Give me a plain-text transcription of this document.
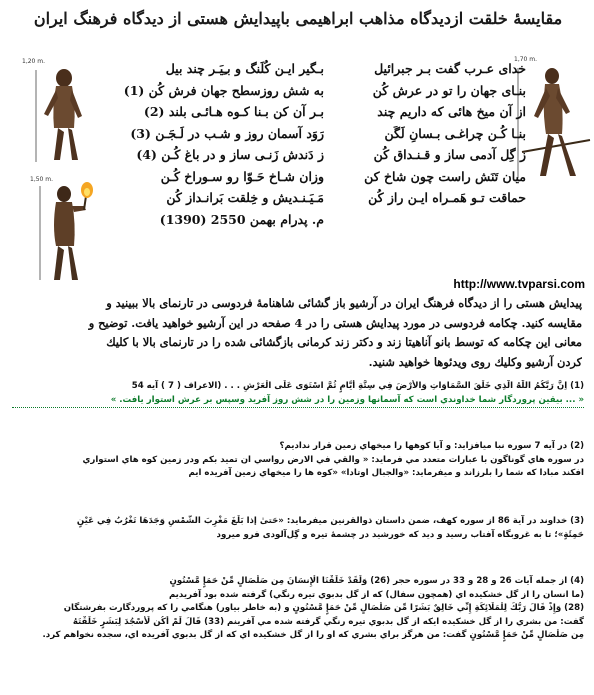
مقايسهٔ خلقت ازديدگاه مذاهب ابراهيمى باپيدايش هستى از ديدگاه فرهنگ ايران
1,20 m.
1,50 m.
1,70 m.
خداى عـرب گفت بـر جبرائيل
بنـاى جهان را تو در عرش كُن
از آن ميخ هائى كه داريم چند
بنـا كُـن چراغـى بـسانِ لَگَن
ز گِل آدمى ساز و قـنـداق كُن
ميان تَنَش راست چون شاخ كن
حماقت تـو هَمـراه ايـن راز كُن
بـگير ايـن كُلَنگ و بـِيَـر چند بيل
به شش روزسطح جهان فرش كُن (1)
بـر آن كن بـنا كـوه هـائـى بلند (2)
رَوَد آسمان روز و شـب در لَـجَـن (3)
ز دَندش زَنـى ساز و در باغ كُـن (4)
وزان شـاخ حَـوّا رو سـوراخ كُـن
مَـيَـنـديش و خِلقت بَرانـداز كُن
م. پدرام بهمن 2550 (1390)
http://www.tvparsi.com
پيدايش هستى را از ديدگاه فرهنگ ايران در آرشيو باز گشائى شاهنامهٔ فردوسى در تارنماى بالا ببينيد و
مقايسه كنيد. چكامه فردوسى در مورد پيدايش هستى را در 4 صفحه در اين آرشيو خواهيد يافت. توضيح و
معانى اين چكامه كه توسط بانو آناهيتا زند و دكتر زند كرمانى بازگشائى شده را در تارنماى بالا با كليك
كردن آرشيو وكليك روى ويدئوها خواهيد شنيد.
(1) اِنَّ رَبَّكُمُ اللّهُ الَّذِي خَلَقَ السَّمَاوَاتِ وَالأَرْضَ فِي سِتَّةِ أَيَّامٍ ثُمَّ اسْتَوَى عَلَى الْعَرْشِ . . . (الاعراف ( 7 ) آيه 54
« ... بيقين پروردگار شما خداوندي است كه آسمانها وزمين را در شش روز آفريد وسپس بر عرش استوار يافت. »
(2) در آيه 7 سوره نبا ميافزايد: و آيا كوهها را ميخهاي زمين قرار ندادیم؟
در سوره هاي گوناگون با عبارات متعدد مي فرمايد: « والقي في الارض رواسي ان تميد بكم ودر زمين كوه هاي استواري
افكند مبادا كه شما را بلرزاند و ميفرمايد: «والجبال اوتادا» «كوه ها را ميخهاي زمين آفريده ايم
(3) خداوند در آية 86 از سوره كهف، ضمن داستان ذوالقرنين ميفرمايد: «حَتىٰ إذا بَلَغَ مَغْرِبَ الشَّمْسِ وَجَدَهَا تَغْرُبُ فِي عَيْنٍ
حَمِئَةٍ»؛ تا به غروبگاه آفتاب رسيد و ديد كه خورشيد در چشمهٔ تيره و گِل‌آلودى فرو ميرود
(4) از جمله آيات 26 و 28 و 33 در سوره حجر (26) وَلَقَدْ خَلَقْنَا الْإِنسَانَ مِن صَلْصَالٍ مِّنْ حَمَإٍ مَّسْنُونٍ
(ما انسان را از گل خشكيده اي (همچون سفال) كه از گل بدبوي تيره رنگي) گرفته شده بود آفريديم
(28) وَإِذْ قَالَ رَبُّكَ لِلْمَلَائِكَةِ إِنِّي خَالِقٌ بَشَرًا مِّن صَلْصَالٍ مِّنْ حَمَإٍ مَّسْنُونٍ و (به خاطر بياور) هنگامي را كه پروردگارت بفرشتگان
گفت: من بشري را از گل خشكيده ايكه از گل بدبوي تيره رنگي گرفته شده مي آفرينم (33) قَالَ لَمْ أَكُن لِّأَسْجُدَ لِبَشَرٍ خَلَقْتَهُ
مِن صَلْصَالٍ مِّنْ حَمَإٍ مَّسْنُونٍ گفت: من هرگز براي بشري كه او را از گل خشكيده اي كه از گل بدبوي آفريده اي، سجده نخواهم كرد.
